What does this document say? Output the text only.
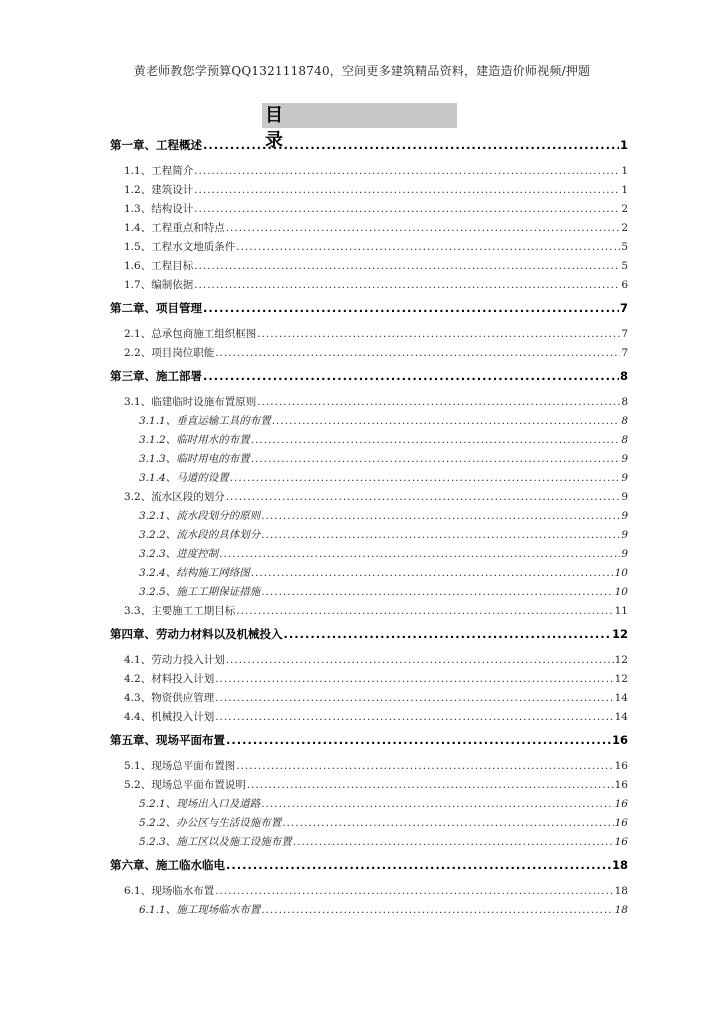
黄老师教您学预算QQ1321118740，空间更多建筑精品资料，建造造价师视频/押题
目 录
第一章、工程概述 .....	1
1.1、工程简介 .....	1
1.2、建筑设计 .....	1
1.3、结构设计 .....	2
1.4、工程重点和特点 .....	2
1.5、工程水文地质条件 .....	5
1.6、工程目标 .....	5
1.7、编制依据 .....	6
第二章、项目管理 .....	7
2.1、总承包商施工组织框图 .....	7
2.2、项目岗位职能 .....	7
第三章、施工部署 .....	8
3.1、临建临时设施布置原则 .....	8
3.1.1、垂直运输工具的布置 .....	8
3.1.2、临时用水的布置 .....	8
3.1.3、临时用电的布置 .....	9
3.1.4、马道的设置 .....	9
3.2、流水区段的划分 .....	9
3.2.1、流水段划分的原则 .....	9
3.2.2、流水段的具体划分 .....	9
3.2.3、进度控制 .....	9
3.2.4、结构施工网络图 .....	10
3.2.5、施工工期保证措施 .....	10
3.3、主要施工工期目标 .....	11
第四章、劳动力材料以及机械投入 .....	12
4.1、劳动力投入计划 .....	12
4.2、材料投入计划 .....	12
4.3、物资供应管理 .....	14
4.4、机械投入计划 .....	14
第五章、现场平面布置 .....	16
5.1、现场总平面布置图 .....	16
5.2、现场总平面布置说明 .....	16
5.2.1、现场出入口及道路 .....	16
5.2.2、办公区与生活设施布置 .....	16
5.2.3、施工区以及施工设施布置 .....	16
第六章、施工临水临电 .....	18
6.1、现场临水布置 .....	18
6.1.1、施工现场临水布置 .....	18
